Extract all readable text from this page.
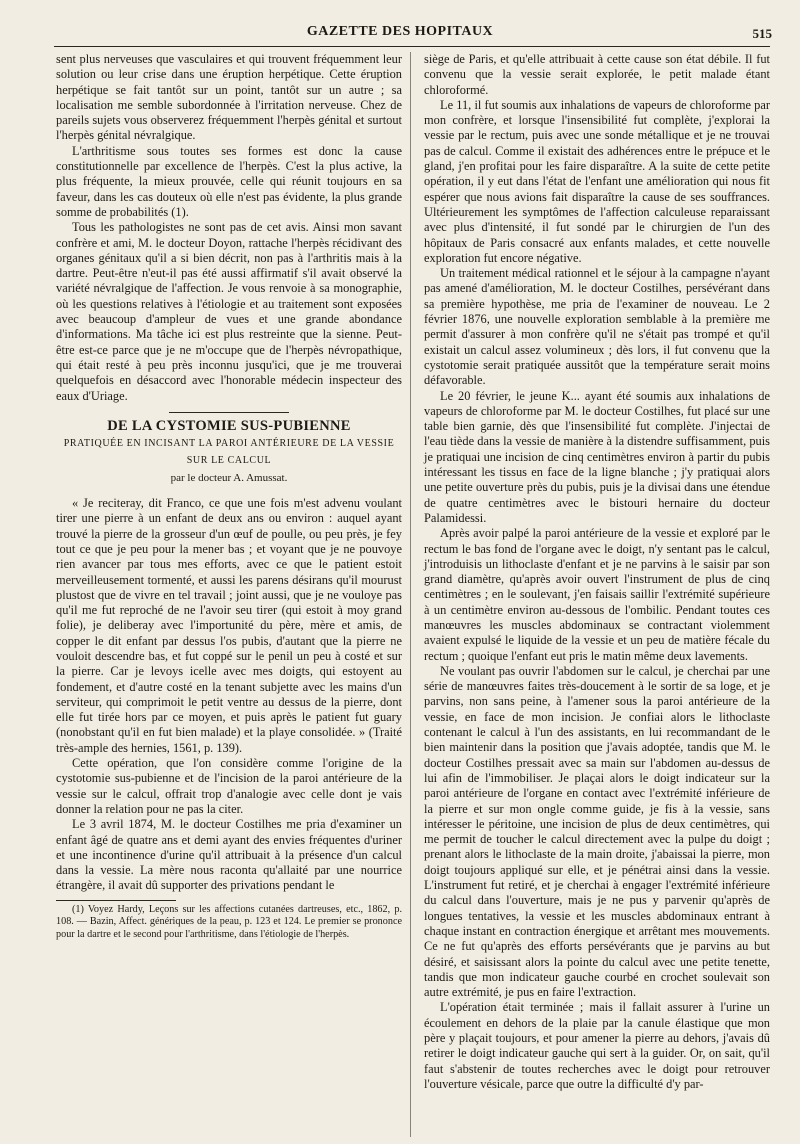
GAZETTE DES HOPITAUX	515

sent plus nerveuses que vasculaires et qui trouvent fréquemment leur solution ou leur crise dans une éruption herpétique. Cette éruption herpétique se fait tantôt sur un point, tantôt sur un autre ; sa localisation me semble subordonnée à l'irritation nerveuse. Chez de pareils sujets vous observerez fréquemment l'herpès génital et surtout l'herpès génital névralgique.

L'arthritisme sous toutes ses formes est donc la cause constitutionnelle par excellence de l'herpès. C'est la plus active, la plus fréquente, la mieux prouvée, celle qui réunit toujours en sa faveur, dans les cas douteux où elle n'est pas évidente, la plus grande somme de probabilités (1).

Tous les pathologistes ne sont pas de cet avis. Ainsi mon savant confrère et ami, M. le docteur Doyon, rattache l'herpès récidivant des organes génitaux qu'il a si bien décrit, non pas à l'arthritis mais à la dartre. Peut-être n'eut-il pas été aussi affirmatif s'il avait observé la variété névralgique de l'affection. Je vous renvoie à sa monographie, où les questions relatives à l'étiologie et au traitement sont exposées avec beaucoup d'ampleur de vues et une grande abondance d'informations. Ma tâche ici est plus restreinte que la sienne. Peut-être est-ce parce que je ne m'occupe que de l'herpès névropathique, qui était resté à peu près inconnu jusqu'ici, que je me trouverai quelquefois en désaccord avec l'honorable médecin inspecteur des eaux d'Uriage.

DE LA CYSTOMIE SUS-PUBIENNE
PRATIQUÉE EN INCISANT LA PAROI ANTÉRIEURE DE LA VESSIE
SUR LE CALCUL
par le docteur A. Amussat.

« Je reciteray, dit Franco, ce que une fois m'est advenu voulant tirer une pierre à un enfant de deux ans ou environ : auquel ayant trouvé la pierre de la grosseur d'un œuf de poulle, ou peu près, je fey tout ce que je peu pour la mener bas ; et voyant que je ne pouvoye rien avancer par tous mes efforts, avec ce que le patient estoit merveilleusement tormenté, et aussi les parens désirans qu'il mourust plustost que de vivre en tel travail ; joint aussi, que je ne vouloye pas qu'il me fut reproché de ne l'avoir seu tirer (qui estoit à moy grand folie), je deliberay avec l'importunité du père, mère et amis, de copper le dit enfant par dessus l'os pubis, d'autant que la pierre ne vouloit descendre bas, et fut coppé sur le penil un peu à costé et sur la pierre. Car je levoys icelle avec mes doigts, qui estoyent au fondement, et d'autre costé en la tenant subjette avec les mains d'un serviteur, qui comprimoit le petit ventre au dessus de la pierre, dont elle fut tirée hors par ce moyen, et puis après le patient fut guary (nonobstant qu'il en fut bien malade) et la playe consolidée. » (Traité très-ample des hernies, 1561, p. 139).

Cette opération, que l'on considère comme l'origine de la cystotomie sus-pubienne et de l'incision de la paroi antérieure de la vessie sur le calcul, offrait trop d'analogie avec celle dont je vais donner la relation pour ne pas la citer.

Le 3 avril 1874, M. le docteur Costilhes me pria d'examiner un enfant âgé de quatre ans et demi ayant des envies fréquentes d'uriner et une incontinence d'urine qu'il attribuait à la présence d'un calcul dans la vessie. La mère nous raconta qu'allaité par une nourrice étrangère, il avait dû supporter des privations pendant le

(1) Voyez Hardy, Leçons sur les affections cutanées dartreuses, etc., 1862, p. 108. — Bazin, Affect. génériques de la peau, p. 123 et 124. Le premier se prononce pour la dartre et le second pour l'arthritisme, dans l'étiologie de l'herpès.

siège de Paris, et qu'elle attribuait à cette cause son état débile. Il fut convenu que la vessie serait explorée, le petit malade étant chloroformé.

Le 11, il fut soumis aux inhalations de vapeurs de chloroforme par mon confrère, et lorsque l'insensibilité fut complète, j'explorai la vessie par le rectum, puis avec une sonde métallique et je ne trouvai pas de calcul. Comme il existait des adhérences entre le prépuce et le gland, j'en profitai pour les faire disparaître. A la suite de cette petite opération, il y eut dans l'état de l'enfant une amélioration qui nous fit espérer que nous avions fait disparaître la cause de ses souffrances. Ultérieurement les symptômes de l'affection calculeuse reparaissant avec plus d'intensité, il fut sondé par le chirurgien de l'un des hôpitaux de Paris consacré aux enfants malades, et cette nouvelle exploration fut encore négative.

Un traitement médical rationnel et le séjour à la campagne n'ayant pas amené d'amélioration, M. le docteur Costilhes, persévérant dans sa première hypothèse, me pria de l'examiner de nouveau. Le 2 février 1876, une nouvelle exploration semblable à la première me permit d'assurer à mon confrère qu'il ne s'était pas trompé et qu'il existait un calcul assez volumineux ; dès lors, il fut convenu que la cystotomie serait pratiquée aussitôt que la température serait moins défavorable.

Le 20 février, le jeune K... ayant été soumis aux inhalations de vapeurs de chloroforme par M. le docteur Costilhes, fut placé sur une table bien garnie, dès que l'insensibilité fut complète. J'injectai de l'eau tiède dans la vessie de manière à la distendre suffisamment, puis je pratiquai une incision de cinq centimètres environ à partir du pubis intéressant les tissus en face de la ligne blanche ; j'y pratiquai alors une petite ouverture près du pubis, puis je la divisai dans une étendue de quatre centimètres avec le bistouri hernaire du docteur Palamidessi.

Après avoir palpé la paroi antérieure de la vessie et exploré par le rectum le bas fond de l'organe avec le doigt, n'y sentant pas le calcul, j'introduisis un lithoclaste d'enfant et je ne parvins à le saisir par son grand diamètre, qu'après avoir ouvert l'instrument de plus de cinq centimètres ; en le soulevant, j'en faisais saillir l'extrémité supérieure à un centimètre environ au-dessous de l'ombilic. Pendant toutes ces manœuvres les muscles abdominaux se contractant violemment avaient expulsé le liquide de la vessie et un peu de matière fécale du rectum ; quoique l'enfant eut pris le matin même deux lavements.

Ne voulant pas ouvrir l'abdomen sur le calcul, je cherchai par une série de manœuvres faites très-doucement à le sortir de sa loge, et je parvins, non sans peine, à l'amener sous la paroi antérieure de la vessie, en face de mon incision. Je confiai alors le lithoclaste contenant le calcul à l'un des assistants, en lui recommandant de le bien maintenir dans la position que j'avais adoptée, tandis que M. le docteur Costilhes pressait avec sa main sur l'abdomen au-dessus de lui afin de l'immobiliser. Je plaçai alors le doigt indicateur sur la paroi antérieure de l'organe en contact avec l'extrémité inférieure de la pierre et sur mon ongle comme guide, je fis à la vessie, sans intéresser le péritoine, une incision de plus de deux centimètres, qui me permit de toucher le calcul directement avec la pulpe du doigt ; prenant alors le lithoclaste de la main droite, j'abaissai la pierre, mon doigt toujours appliqué sur elle, et je pénétrai ainsi dans la vessie. L'instrument fut retiré, et je cherchai à engager l'extrémité inférieure du calcul dans l'ouverture, mais je ne pus y parvenir qu'après de longues tentatives, la vessie et les muscles abdominaux entrant à chaque instant en contraction énergique et arrêtant mes mouvements. Ce ne fut qu'après des efforts persévérants que je parvins au but désiré, et saisissant alors la pointe du calcul avec une petite tenette, tandis que mon indicateur gauche courbé en crochet soulevait son autre extrémité, je pus en faire l'extraction.

L'opération était terminée ; mais il fallait assurer à l'urine un écoulement en dehors de la plaie par la canule élastique que mon père y plaçait toujours, et pour amener la pierre au dehors, j'avais dû retirer le doigt indicateur gauche qui sert à la guider. Or, on sait, qu'il faut s'abstenir de toutes recherches avec le doigt pour retrouver l'ouverture vésicale, parce que outre la difficulté d'y par-
